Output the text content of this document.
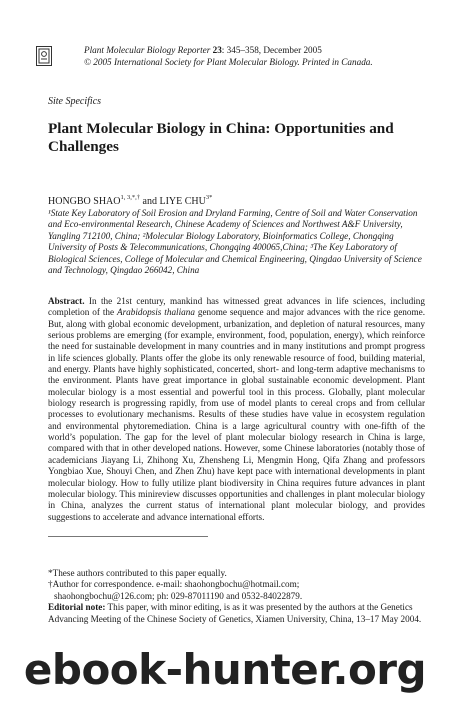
Plant Molecular Biology Reporter 23: 345–358, December 2005
© 2005 International Society for Plant Molecular Biology. Printed in Canada.
Site Specifics
Plant Molecular Biology in China: Opportunities and Challenges
HONGBO $SHAO^{1, 3,*,\dagger}$ and LIYE $CHU^{3*}$
¹State Key Laboratory of Soil Erosion and Dryland Farming, Centre of Soil and Water Conservation and Eco-environmental Research, Chinese Academy of Sciences and Northwest A&F University, Yangling 712100, China; ²Molecular Biology Laboratory, Bioinformatics College, Chongqing University of Posts & Telecommunications, Chongqing 400065,China; ³The Key Laboratory of Biological Sciences, College of Molecular and Chemical Engineering, Qingdao University of Science and Technology, Qingdao 266042, China
Abstract. In the 21st century, mankind has witnessed great advances in life sciences, including completion of the Arabidopsis thaliana genome sequence and major advances with the rice genome. But, along with global economic development, urbanization, and depletion of natural resources, many serious problems are emerging (for example, environment, food, population, energy), which reinforce the need for sustainable development in many countries and in many institutions and prompt progress in life sciences globally. Plants offer the globe its only renewable resource of food, building material, and energy. Plants have highly sophisticated, concerted, short- and long-term adaptive mechanisms to the environment. Plants have great importance in global sustainable economic development. Plant molecular biology is a most essential and powerful tool in this process. Globally, plant molecular biology research is progressing rapidly, from use of model plants to cereal crops and from cellular processes to evolutionary mechanisms. Results of these studies have value in ecosystem regulation and environmental phytoremediation. China is a large agricultural country with one-fifth of the world’s population. The gap for the level of plant molecular biology research in China is large, compared with that in other developed nations. However, some Chinese laboratories (notably those of academicians Jiayang Li, Zhihong Xu, Zhensheng Li, Mengmin Hong, Qifa Zhang and professors Yongbiao Xue, Shouyi Chen, and Zhen Zhu) have kept pace with international developments in plant molecular biology. How to fully utilize plant biodiversity in China requires future advances in plant molecular biology. This minireview discusses opportunities and challenges in plant molecular biology in China, analyzes the current status of international plant molecular biology, and provides suggestions to accelerate and advance international efforts.

*These authors contributed to this paper equally.

†Author for correspondence. e-mail: shaohongbochu@hotmail.com;

shaohongbochu@126.com; ph: 029-87011190 and 0532-84022879.

Editorial note: This paper, with minor editing, is as it was presented by the authors at the Genetics Advancing Meeting of the Chinese Society of Genetics, Xiamen University, China, 13–17 May 2004.

ebook-hunter.org
